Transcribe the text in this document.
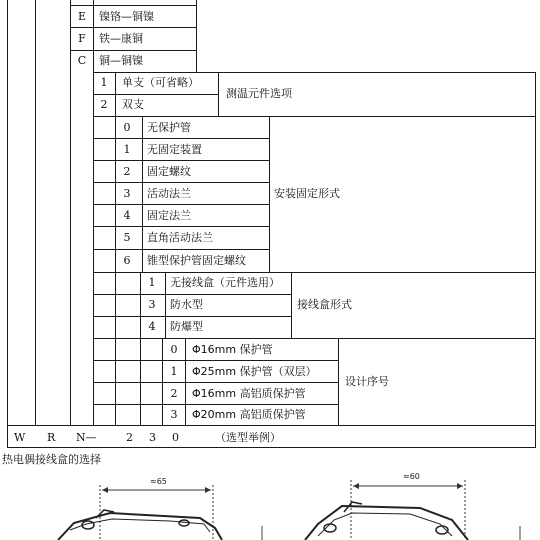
E	镍铬—铜镍
F	铁—康铜
C	铜—铜镍
1	单支（可省略）
2	双支
测温元件选项
0	无保护管
1	无固定装置
2	固定螺纹
3	活动法兰
4	固定法兰
5	直角活动法兰
6	锥型保护管固定螺纹
安装固定形式
1	无接线盒（元件选用）
3	防水型
4	防爆型
接线盒形式
0	Φ16mm 保护管
1	Φ25mm 保护管（双层）
2	Φ16mm 高铝质保护管
3	Φ20mm 高铝质保护管
设计序号
W R N—	2 3 0	（选型举例）
热电偶接线盒的选择
≈65
≈60
